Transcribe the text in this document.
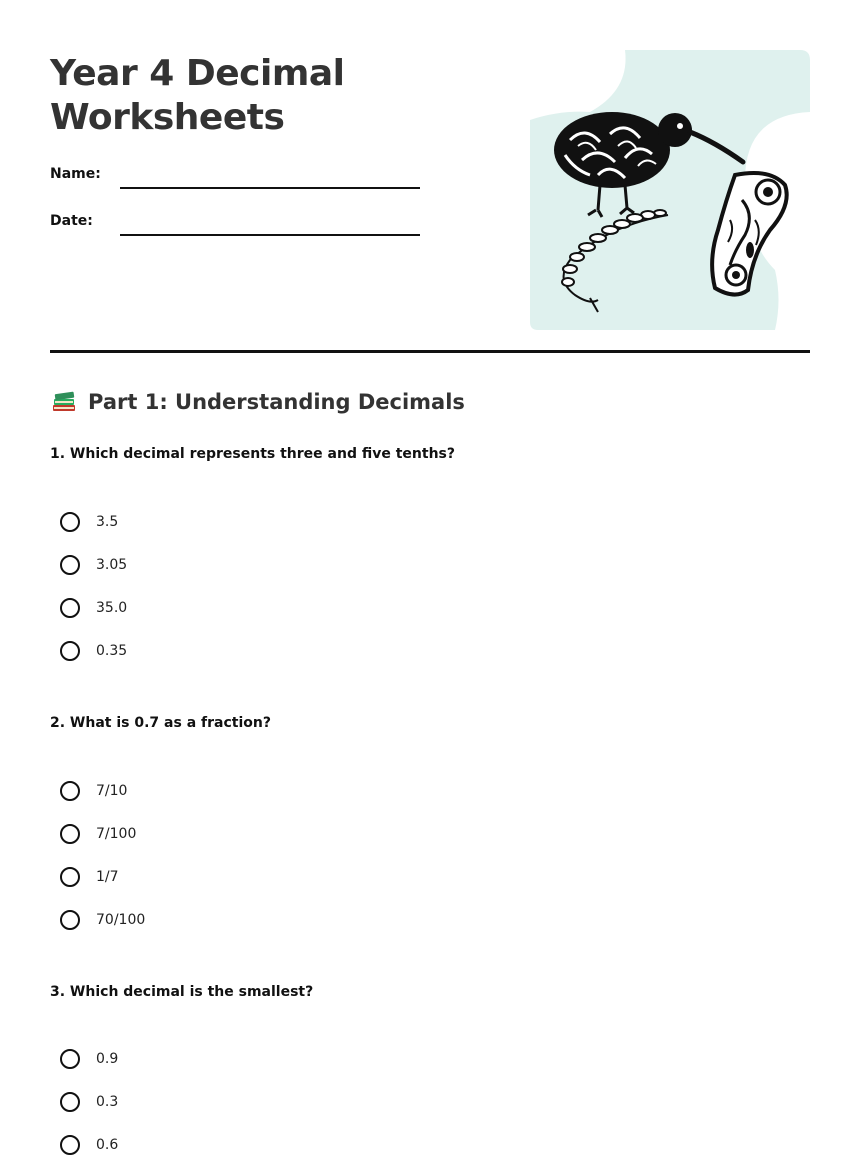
Year 4 Decimal
Worksheets
Name:
Date:
Part 1: Understanding Decimals
1. Which decimal represents three and five tenths?
3.5
3.05
35.0
0.35
2. What is 0.7 as a fraction?
7/10
7/100
1/7
70/100
3. Which decimal is the smallest?
0.9
0.3
0.6
